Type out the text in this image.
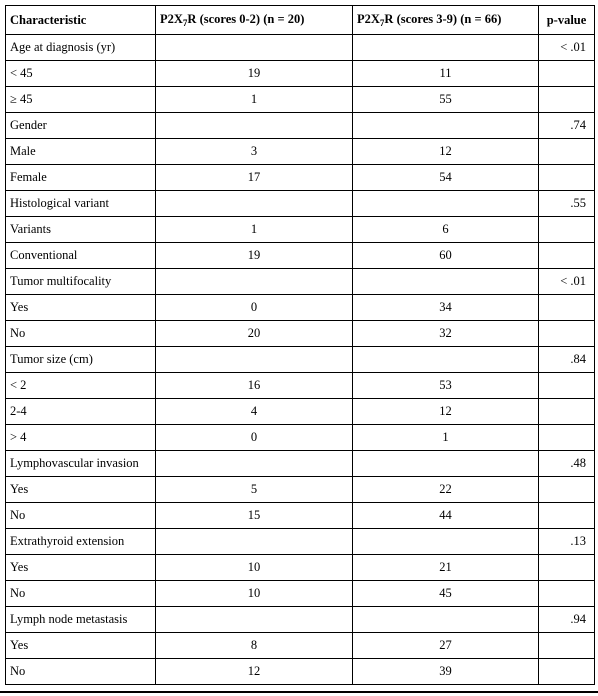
Characteristic	$P2X_7R$ (scores 0-2) (n = 20)	$P2X_7R$ (scores 3-9) (n = 66)	p-value
Age at diagnosis (yr)			< .01
< 45	19	11	
≥ 45	1	55	
Gender			.74
Male	3	12	
Female	17	54	
Histological variant			.55
Variants	1	6	
Conventional	19	60	
Tumor multifocality			< .01
Yes	0	34	
No	20	32	
Tumor size (cm)			.84
< 2	16	53	
2-4	4	12	
> 4	0	1	
Lymphovascular invasion			.48
Yes	5	22	
No	15	44	
Extrathyroid extension			.13
Yes	10	21	
No	10	45	
Lymph node metastasis			.94
Yes	8	27	
No	12	39	
